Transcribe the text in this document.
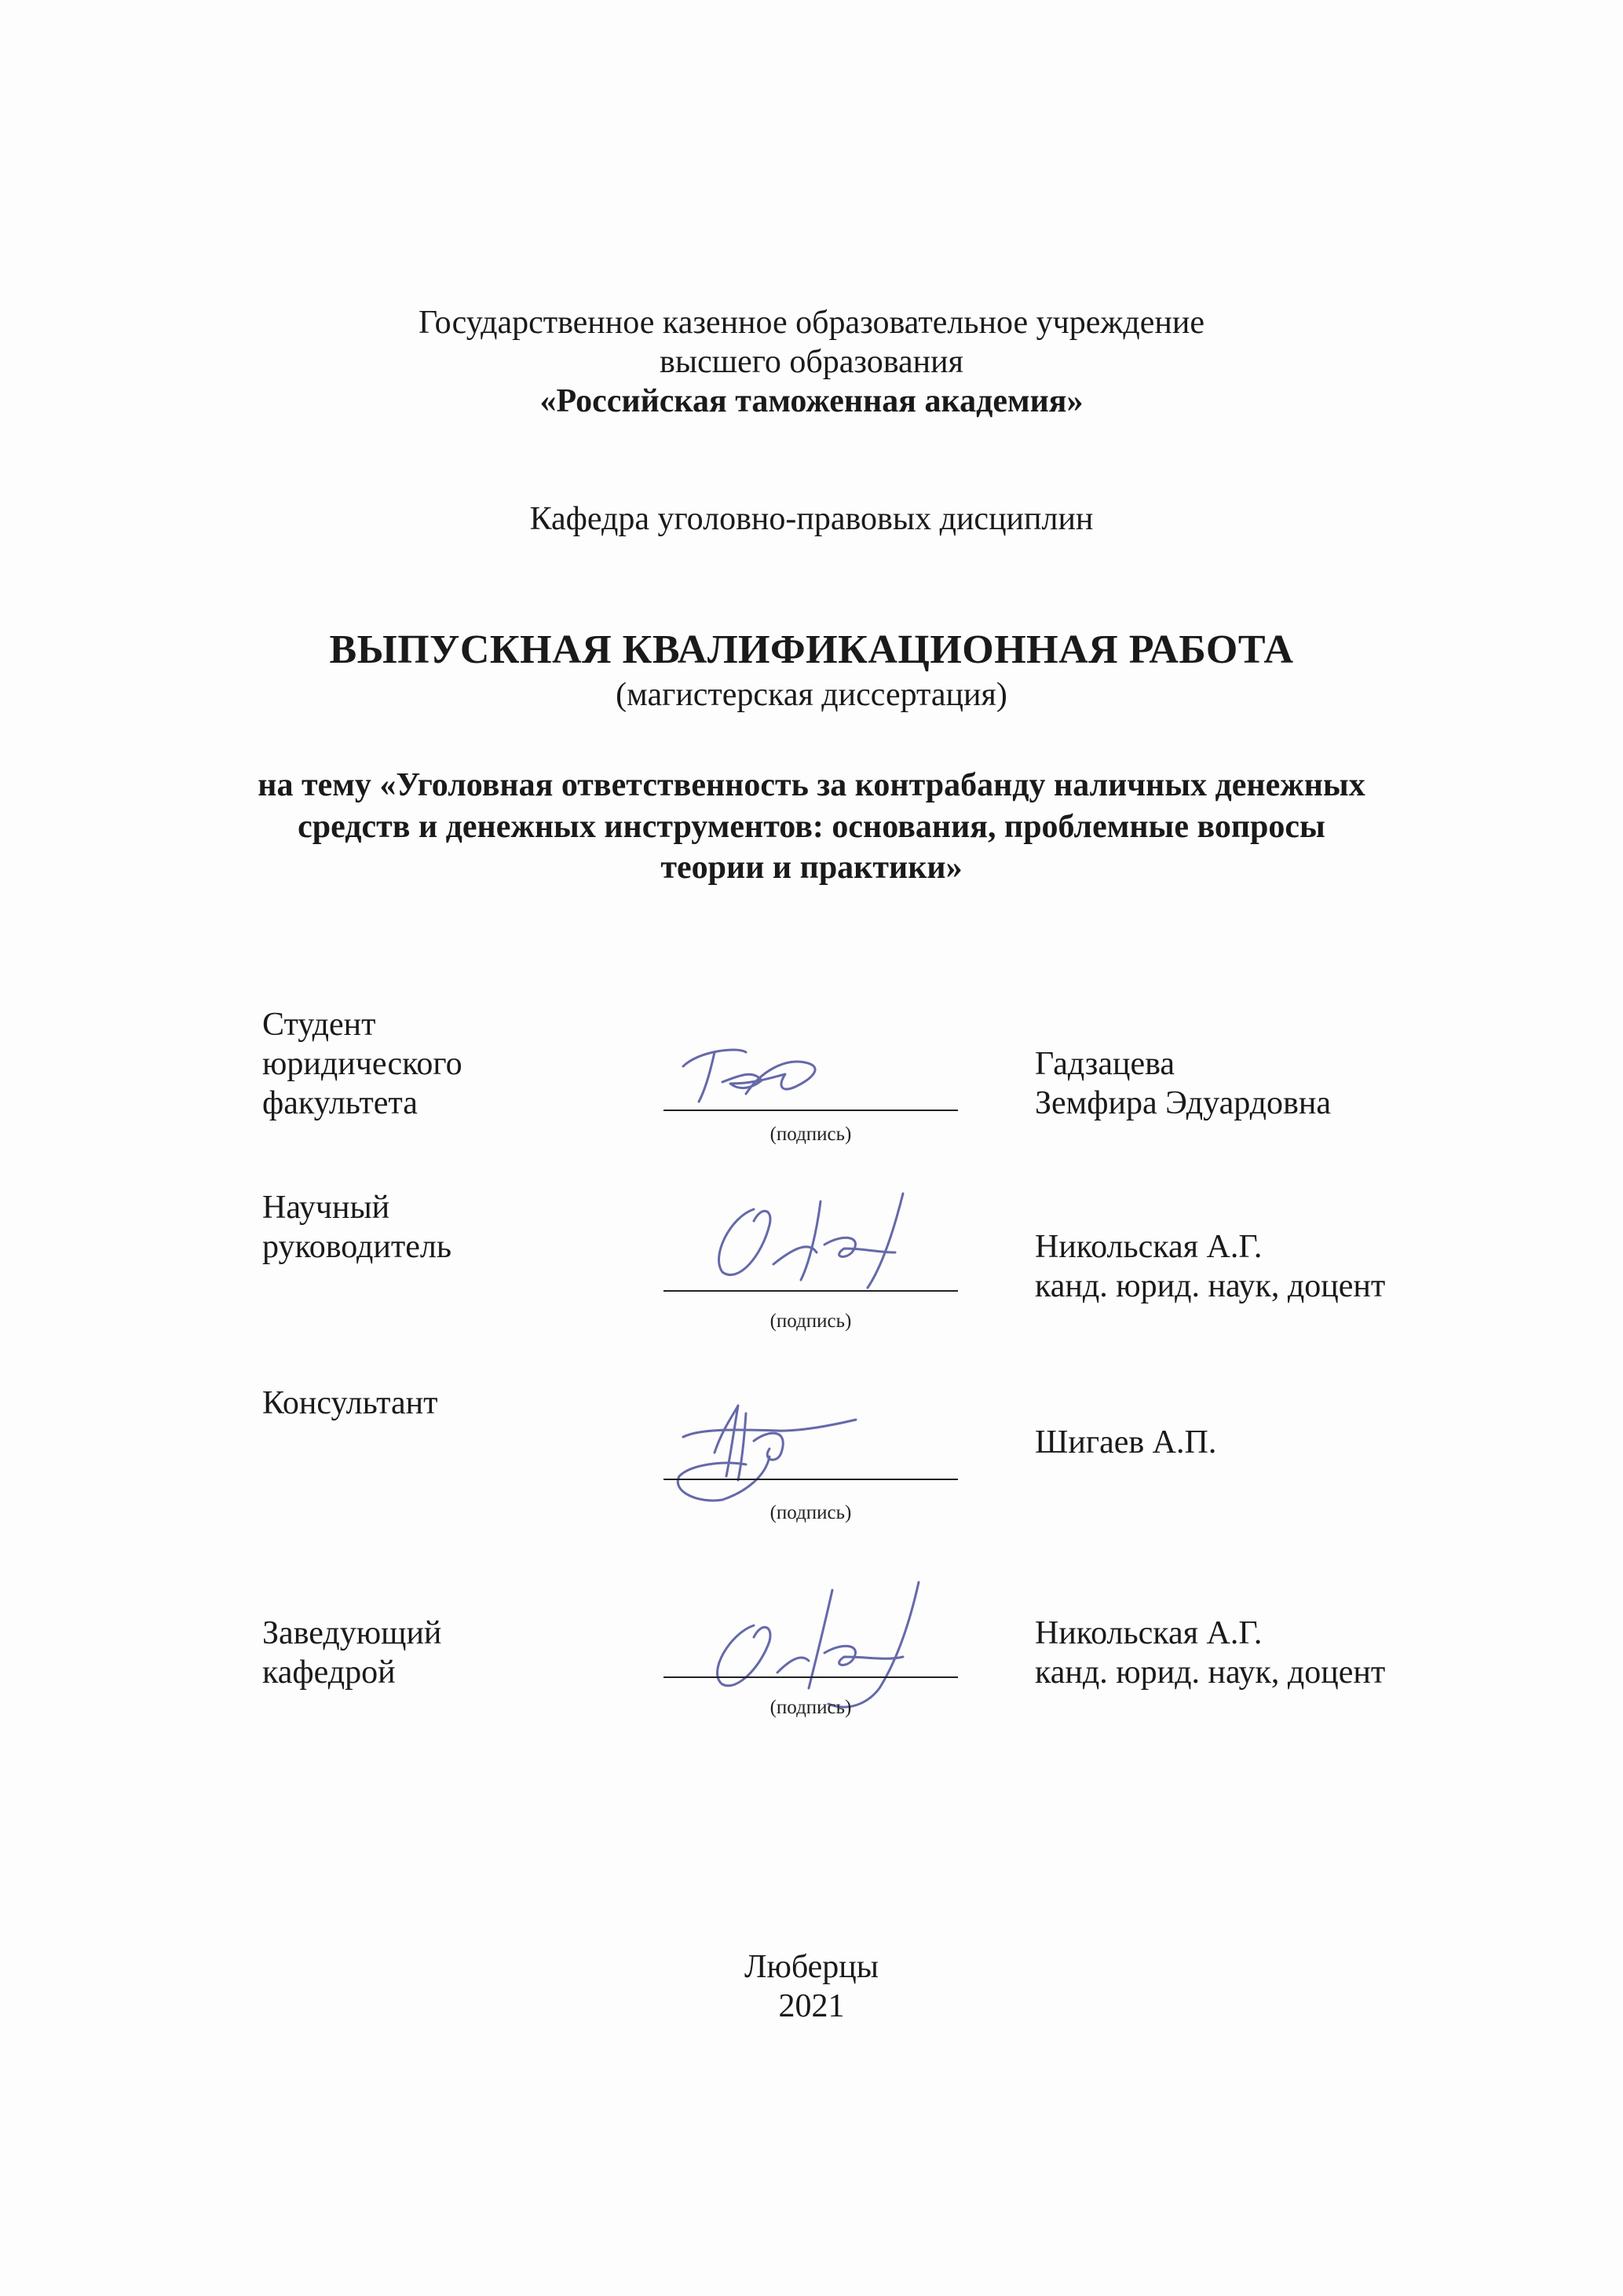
Государственное казенное образовательное учреждение
высшего образования
«Российская таможенная академия»
Кафедра уголовно-правовых дисциплин
ВЫПУСКНАЯ КВАЛИФИКАЦИОННАЯ РАБОТА
(магистерская диссертация)
на тему «Уголовная ответственность за контрабанду наличных денежных
средств и денежных инструментов: основания, проблемные вопросы
теории и практики»
Студент
юридического
факультета
(подпись)
Гадзацева
Земфира Эдуардовна
Научный
руководитель
(подпись)
Никольская А.Г.
канд. юрид. наук, доцент
Консультант
(подпись)
Шигаев А.П.
Заведующий
кафедрой
(подпись)
Никольская А.Г.
канд. юрид. наук, доцент
Люберцы
2021
